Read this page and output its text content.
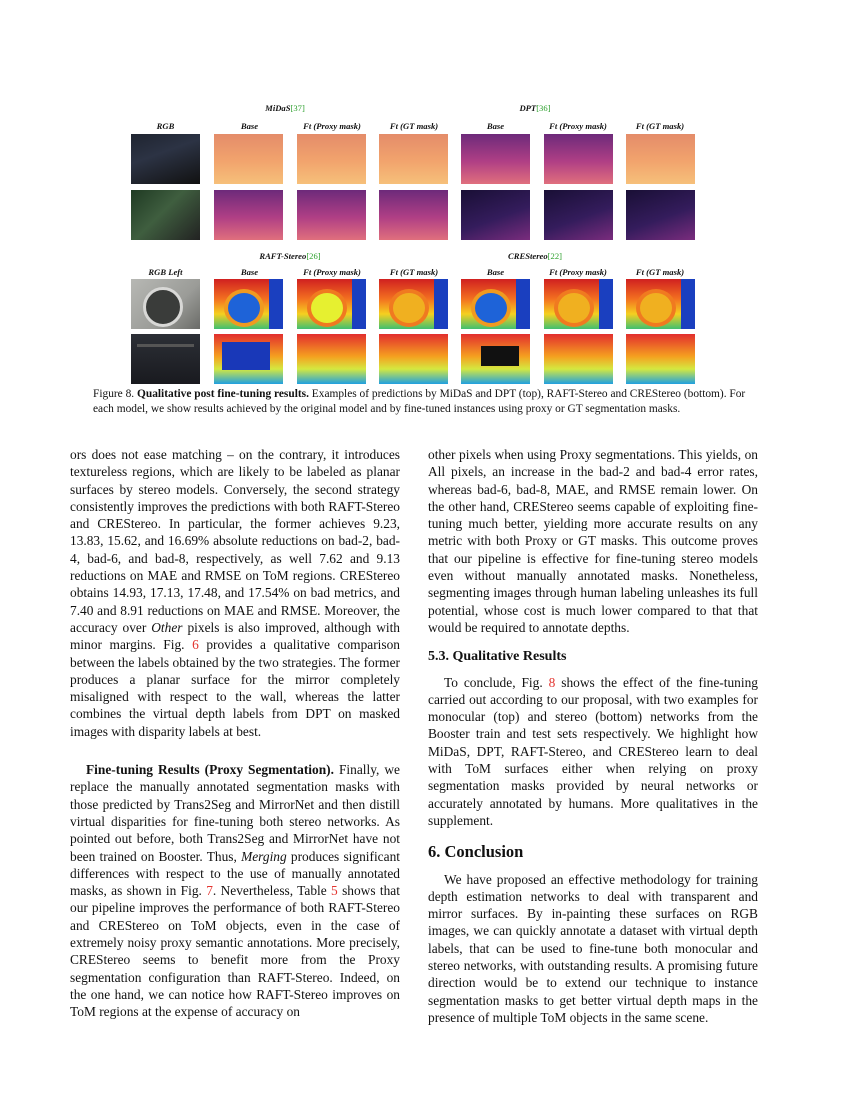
MiDaS[37]	DPT[36]
RGB	Base	Ft (Proxy mask)	Ft (GT mask)	Base	Ft (Proxy mask)	Ft (GT mask)
RAFT-Stereo[26]	CREStereo[22]
RGB Left	Base	Ft (Proxy mask)	Ft (GT mask)	Base	Ft (Proxy mask)	Ft (GT mask)
Figure 8. Qualitative post fine-tuning results. Examples of predictions by MiDaS and DPT (top), RAFT-Stereo and CREStereo (bottom). For each model, we show results achieved by the original model and by fine-tuned instances using proxy or GT segmentation masks.

ors does not ease matching – on the contrary, it introduces textureless regions, which are likely to be labeled as planar surfaces by stereo models. Conversely, the second strategy consistently improves the predictions with both RAFT-Stereo and CREStereo. In particular, the former achieves 9.23, 13.83, 15.62, and 16.69% absolute reductions on bad-2, bad-4, bad-6, and bad-8, respectively, as well 7.62 and 9.13 reductions on MAE and RMSE on ToM regions. CREStereo obtains 14.93, 17.13, 17.48, and 17.54% on bad metrics, and 7.40 and 8.91 reductions on MAE and RMSE. Moreover, the accuracy over Other pixels is also improved, although with minor margins. Fig. 6 provides a qualitative comparison between the labels obtained by the two strategies. The former produces a planar surface for the mirror completely misaligned with respect to the wall, whereas the latter combines the virtual depth labels from DPT on masked images with disparity labels at best.

Fine-tuning Results (Proxy Segmentation). Finally, we replace the manually annotated segmentation masks with those predicted by Trans2Seg and MirrorNet and then distill virtual disparities for fine-tuning both stereo networks. As pointed out before, both Trans2Seg and MirrorNet have not been trained on Booster. Thus, Merging produces significant differences with respect to the use of manually annotated masks, as shown in Fig. 7. Nevertheless, Table 5 shows that our pipeline improves the performance of both RAFT-Stereo and CREStereo on ToM objects, even in the case of extremely noisy proxy semantic annotations. More precisely, CREStereo seems to benefit more from the Proxy segmentation configuration than RAFT-Stereo. Indeed, on the one hand, we can notice how RAFT-Stereo improves on ToM regions at the expense of accuracy on

other pixels when using Proxy segmentations. This yields, on All pixels, an increase in the bad-2 and bad-4 error rates, whereas bad-6, bad-8, MAE, and RMSE remain lower. On the other hand, CREStereo seems capable of exploiting fine-tuning much better, yielding more accurate results on any metric with both Proxy or GT masks. This outcome proves that our pipeline is effective for fine-tuning stereo models even without manually annotated masks. Nonetheless, segmenting images through human labeling unleashes its full potential, whose cost is much lower compared to that that would be required to annotate depths.

5.3. Qualitative Results

To conclude, Fig. 8 shows the effect of the fine-tuning carried out according to our proposal, with two examples for monocular (top) and stereo (bottom) networks from the Booster train and test sets respectively. We highlight how MiDaS, DPT, RAFT-Stereo, and CREStereo learn to deal with ToM surfaces either when relying on proxy segmentation masks provided by neural networks or accurately annotated by humans. More qualitatives in the supplement.

6. Conclusion

We have proposed an effective methodology for training depth estimation networks to deal with transparent and mirror surfaces. By in-painting these surfaces on RGB images, we can quickly annotate a dataset with virtual depth labels, that can be used to fine-tune both monocular and stereo networks, with outstanding results. A promising future direction would be to extend our technique to instance segmentation masks to get better virtual depth maps in the presence of multiple ToM objects in the same scene.
